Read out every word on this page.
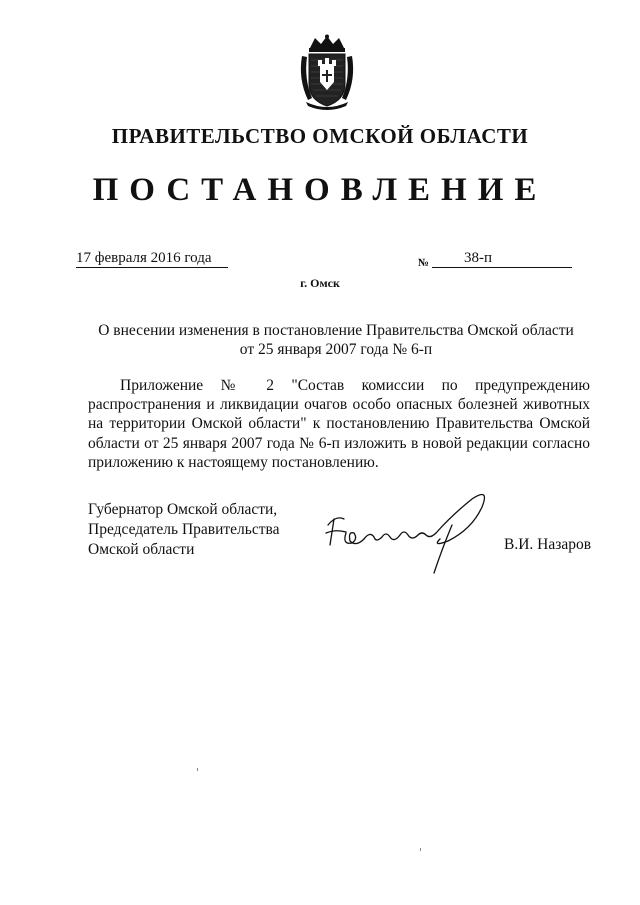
ПРАВИТЕЛЬСТВО ОМСКОЙ ОБЛАСТИ
ПОСТАНОВЛЕНИЕ
17 февраля 2016 года	№	38-п
г. Омск
О внесении изменения в постановление Правительства Омской области
от 25 января 2007 года № 6-п
Приложение № 2 "Состав комиссии по предупреждению распространения и ликвидации очагов особо опасных болезней животных на территории Омской области" к постановлению Правительства Омской области от 25 января 2007 года № 6-п изложить в новой редакции согласно приложению к настоящему постановлению.
Губернатор Омской области,
Председатель Правительства
Омской области	В.И. Назаров
